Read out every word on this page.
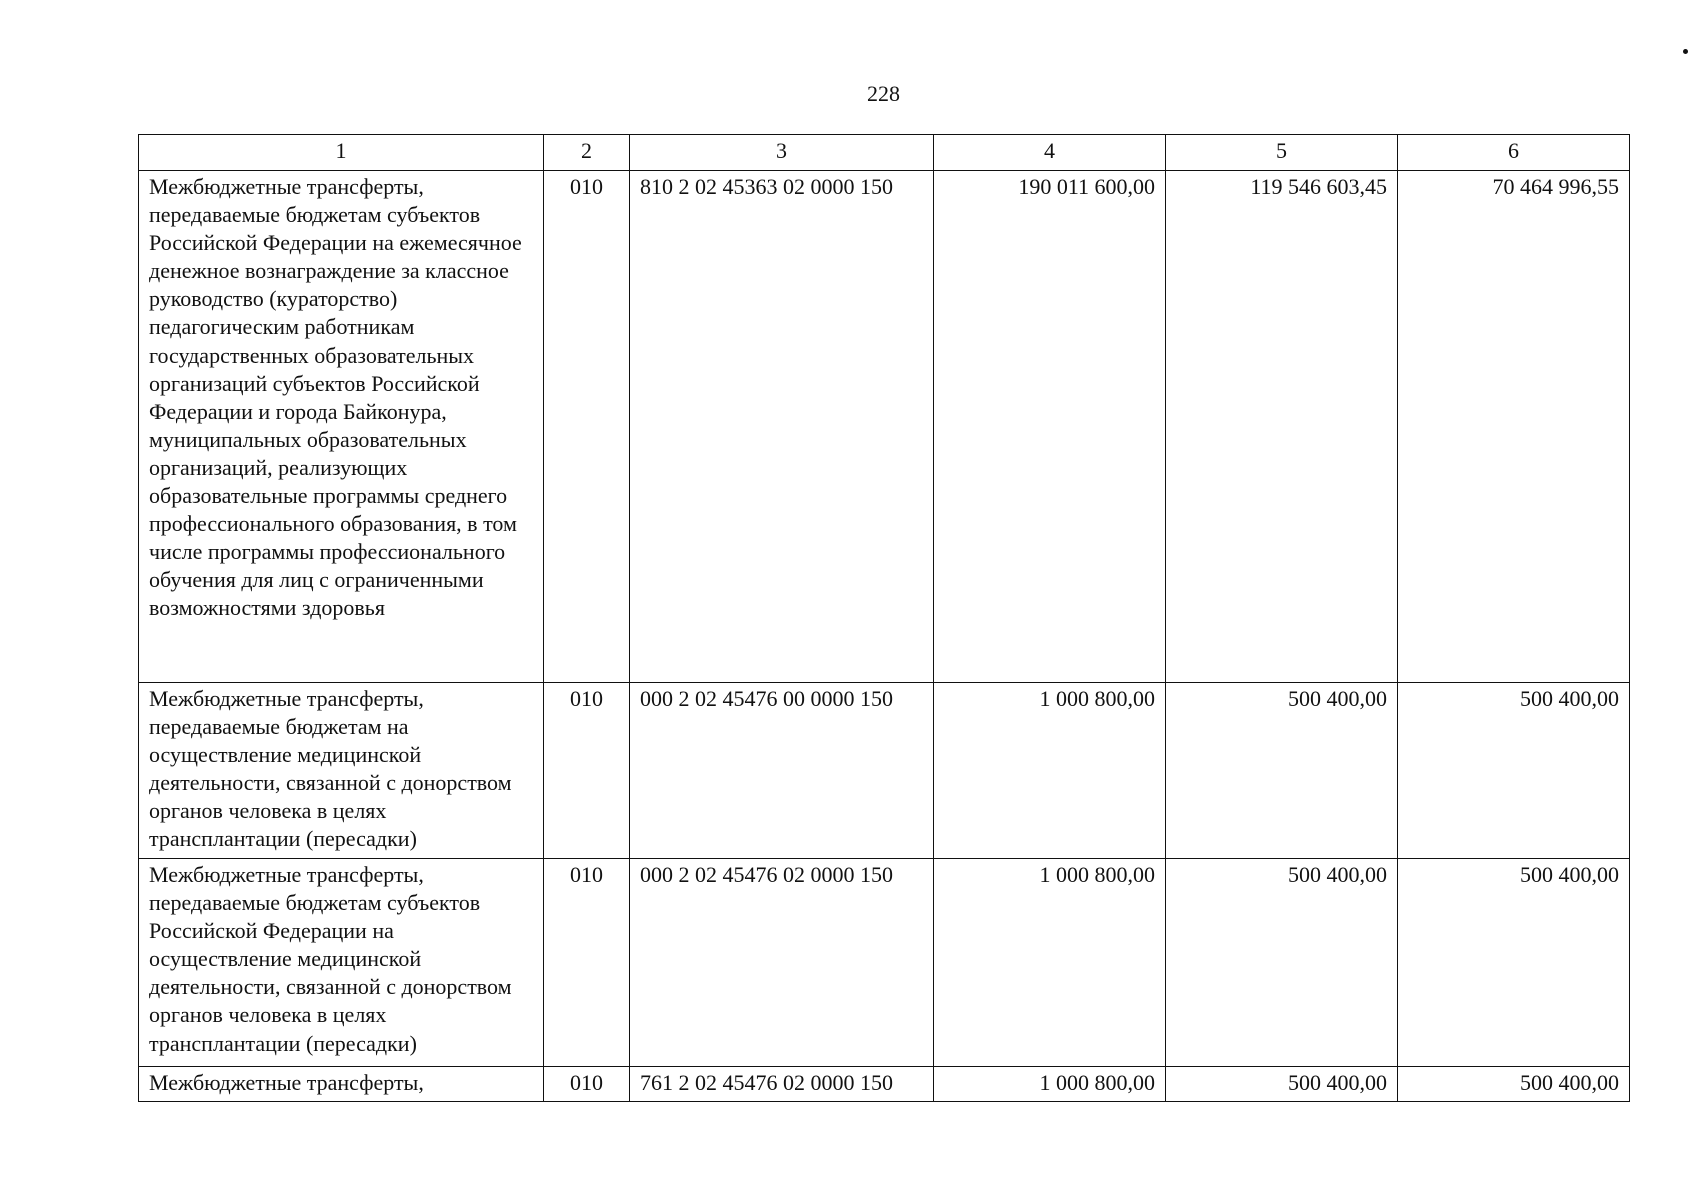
228
1	2	3	4	5	6
Межбюджетные трансферты, передаваемые бюджетам субъектов Российской Федерации на ежемесячное денежное вознаграждение за классное руководство (кураторство) педагогическим работникам государственных образовательных организаций субъектов Российской Федерации и города Байконура, муниципальных образовательных организаций, реализующих образовательные программы среднего профессионального образования, в том числе программы профессионального обучения для лиц с ограниченными возможностями здоровья	010	810 2 02 45363 02 0000 150	190 011 600,00	119 546 603,45	70 464 996,55
Межбюджетные трансферты, передаваемые бюджетам на осуществление медицинской деятельности, связанной с донорством органов человека в целях трансплантации (пересадки)	010	000 2 02 45476 00 0000 150	1 000 800,00	500 400,00	500 400,00
Межбюджетные трансферты, передаваемые бюджетам субъектов Российской Федерации на осуществление медицинской деятельности, связанной с донорством органов человека в целях трансплантации (пересадки)	010	000 2 02 45476 02 0000 150	1 000 800,00	500 400,00	500 400,00
Межбюджетные трансферты,	010	761 2 02 45476 02 0000 150	1 000 800,00	500 400,00	500 400,00
